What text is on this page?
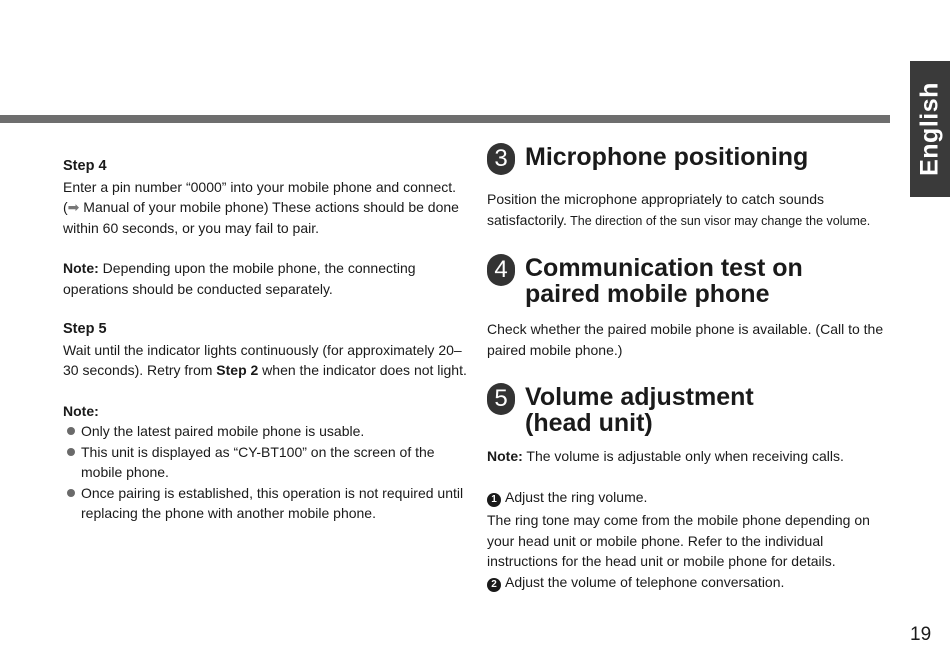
English

Step 4

Enter a pin number “0000” into your mobile phone and connect. (➡ Manual of your mobile phone) These actions should be done within 60 seconds, or you may fail to pair.

Note: Depending upon the mobile phone, the connecting operations should be conducted separately.

Step 5

Wait until the indicator lights continuously (for approximately 20–30 seconds). Retry from Step 2 when the indicator does not light.

Note:

Only the latest paired mobile phone is usable.
This unit is displayed as “CY-BT100” on the screen of the mobile phone.
Once pairing is established, this operation is not required until replacing the phone with another mobile phone.
3 Microphone positioning

Position the microphone appropriately to catch sounds satisfactorily. The direction of the sun visor may change the volume.

4 Communication test on paired mobile phone

Check whether the paired mobile phone is available. (Call to the paired mobile phone.)

5 Volume adjustment
(head unit)

Note: The volume is adjustable only when receiving calls.

1 Adjust the ring volume.

The ring tone may come from the mobile phone depending on your head unit or mobile phone. Refer to the individual instructions for the head unit or mobile phone for details.

2 Adjust the volume of telephone conversation.

19
